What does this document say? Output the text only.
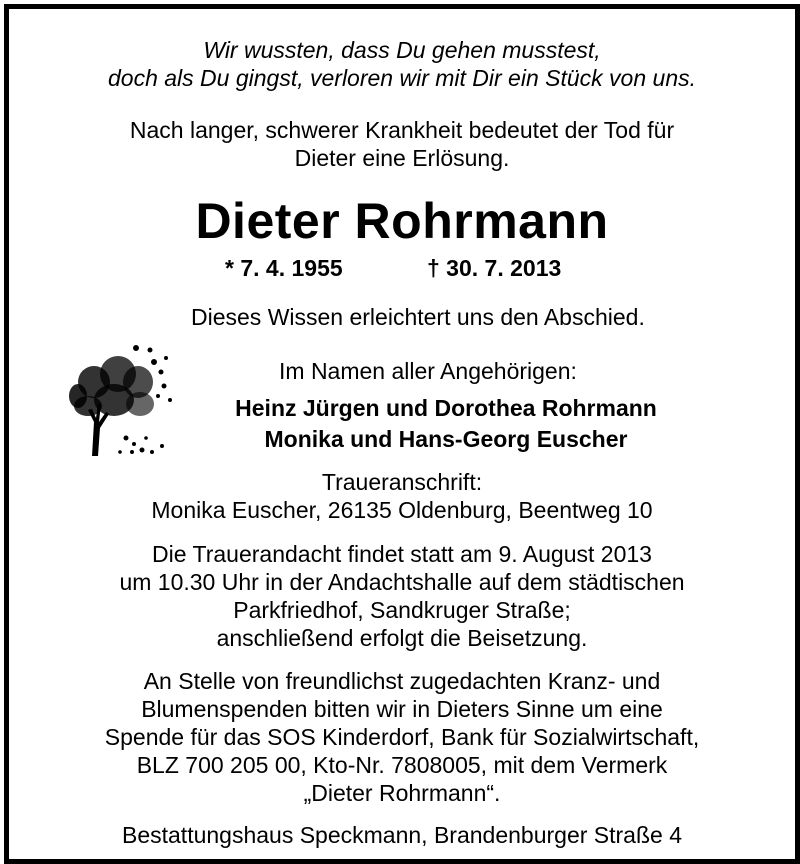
Wir wussten, dass Du gehen musstest,
doch als Du gingst, verloren wir mit Dir ein Stück von uns.
Nach langer, schwerer Krankheit bedeutet der Tod für
Dieter eine Erlösung.
Dieter Rohrmann
* 7. 4. 1955	† 30. 7. 2013
Dieses Wissen erleichtert uns den Abschied.
Im Namen aller Angehörigen:
Heinz Jürgen und Dorothea Rohrmann
Monika und Hans-Georg Euscher
Traueranschrift:
Monika Euscher, 26135 Oldenburg, Beentweg 10
Die Trauerandacht findet statt am 9. August 2013
um 10.30 Uhr in der Andachtshalle auf dem städtischen
Parkfriedhof, Sandkruger Straße;
anschließend erfolgt die Beisetzung.
An Stelle von freundlichst zugedachten Kranz- und
Blumenspenden bitten wir in Dieters Sinne um eine
Spende für das SOS Kinderdorf, Bank für Sozialwirtschaft,
BLZ 700 205 00, Kto-Nr. 7808005, mit dem Vermerk
„Dieter Rohrmann“.
Bestattungshaus Speckmann, Brandenburger Straße 4
